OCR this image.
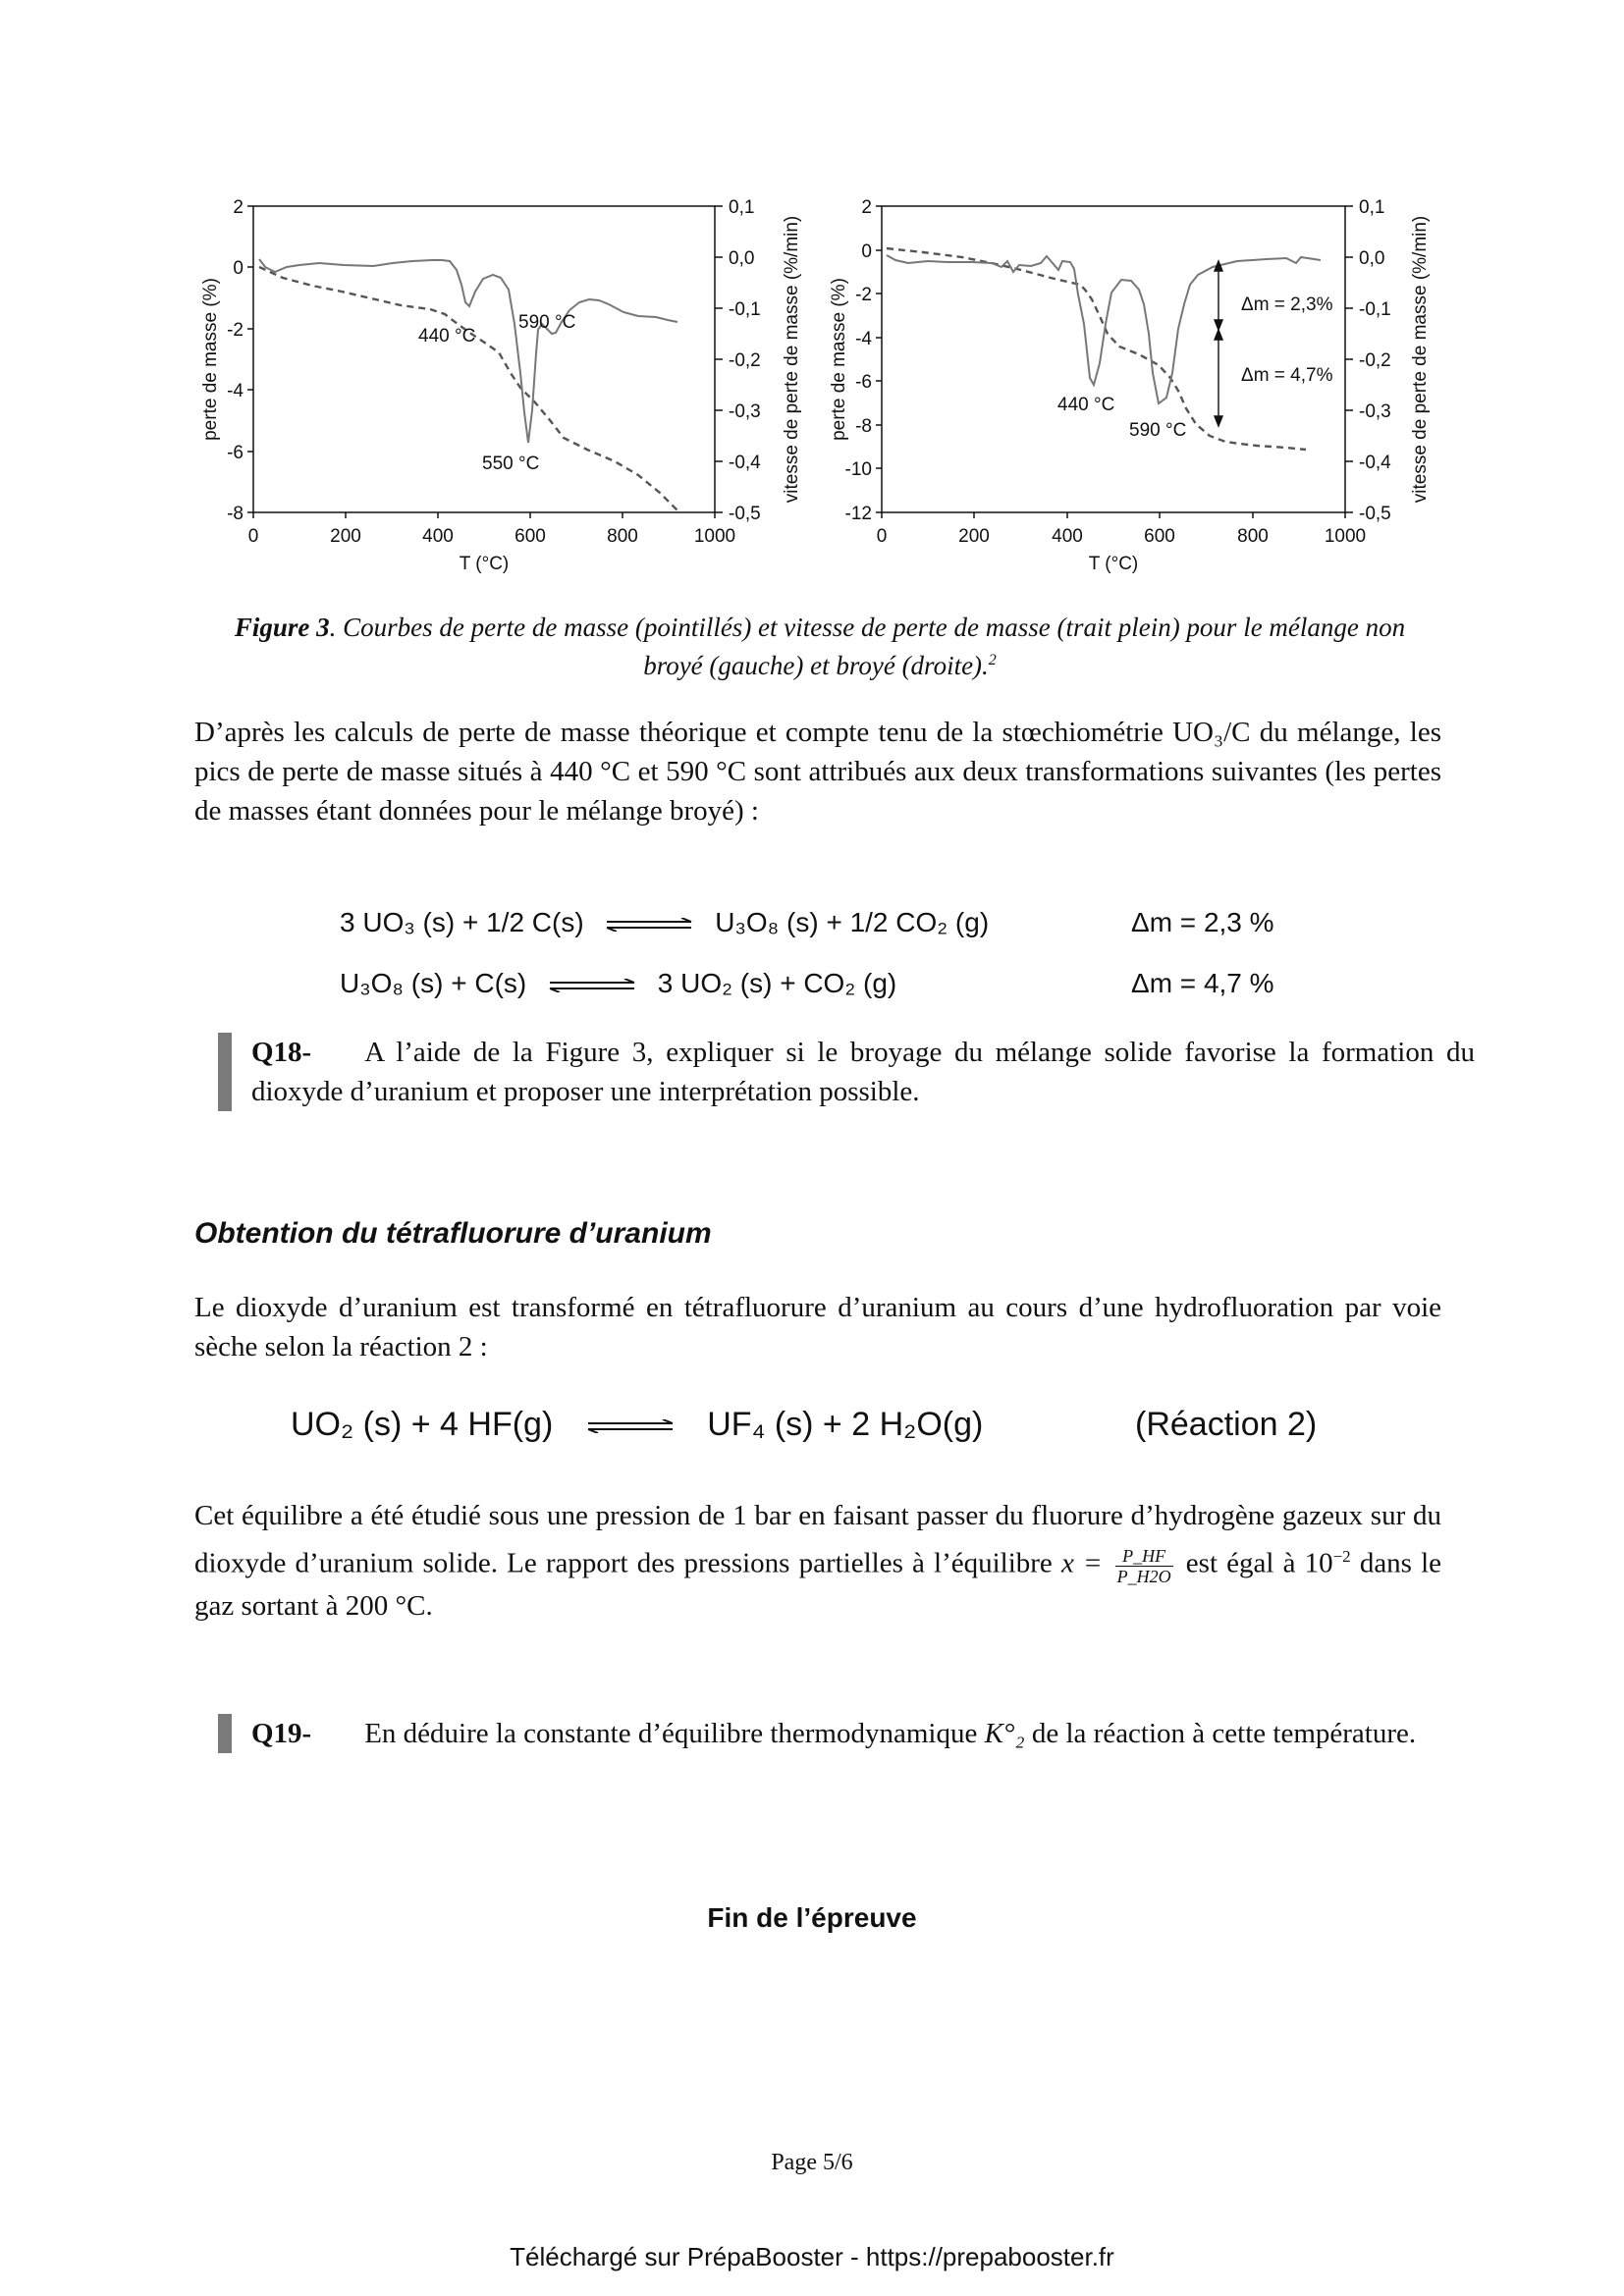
2
0
-2
-4
-6
-8
0	200	400	600	800	1000
0,1
0,0
-0,1
-0,2
-0,3
-0,4
-0,5
T (°C)
perte de masse (%)	vitesse de perte de masse (%/min)
440 °C
590 °C
550 °C
2
0
-2
-4
-6
-8
-10
-12
0	200	400	600	800	1000
0,1
0,0
-0,1
-0,2
-0,3
-0,4
-0,5
T (°C)
perte de masse (%)	vitesse de perte de masse (%/min)
Δm = 2,3%
Δm = 4,7%
440 °C
590 °C
Figure 3. Courbes de perte de masse (pointillés) et vitesse de perte de masse (trait plein) pour le mélange non broyé (gauche) et broyé (droite).$^2$
D’après les calculs de perte de masse théorique et compte tenu de la stœchiométrie UO₃/C du mélange, les pics de perte de masse situés à 440 °C et 590 °C sont attribués aux deux transformations suivantes (les pertes de masses étant données pour le mélange broyé) :
3 UO₃ (s) + 1/2 C(s) ⇌ U₃O₈ (s) + 1/2 CO₂ (g)	Δm = 2,3 %
U₃O₈ (s) + C(s) ⇌ 3 UO₂ (s) + CO₂ (g)	Δm = 4,7 %
Q18- A l’aide de la Figure 3, expliquer si le broyage du mélange solide favorise la formation du dioxyde d’uranium et proposer une interprétation possible.
Obtention du tétrafluorure d’uranium
Le dioxyde d’uranium est transformé en tétrafluorure d’uranium au cours d’une hydrofluoration par voie sèche selon la réaction 2 :
UO₂ (s) + 4 HF(g) ⇌ UF₄ (s) + 2 H₂O(g)	(Réaction 2)
Cet équilibre a été étudié sous une pression de 1 bar en faisant passer du fluorure d’hydrogène gazeux sur du dioxyde d’uranium solide. Le rapport des pressions partielles à l’équilibre $x = \frac{P\_HF}{P\_H2O}$ est égal à $10^{-2}$ dans le gaz sortant à 200 °C.
Q19- En déduire la constante d’équilibre thermodynamique K°₂ de la réaction à cette température.
Fin de l’épreuve
Page 5/6
Téléchargé sur PrépaBooster - https://prepabooster.fr
